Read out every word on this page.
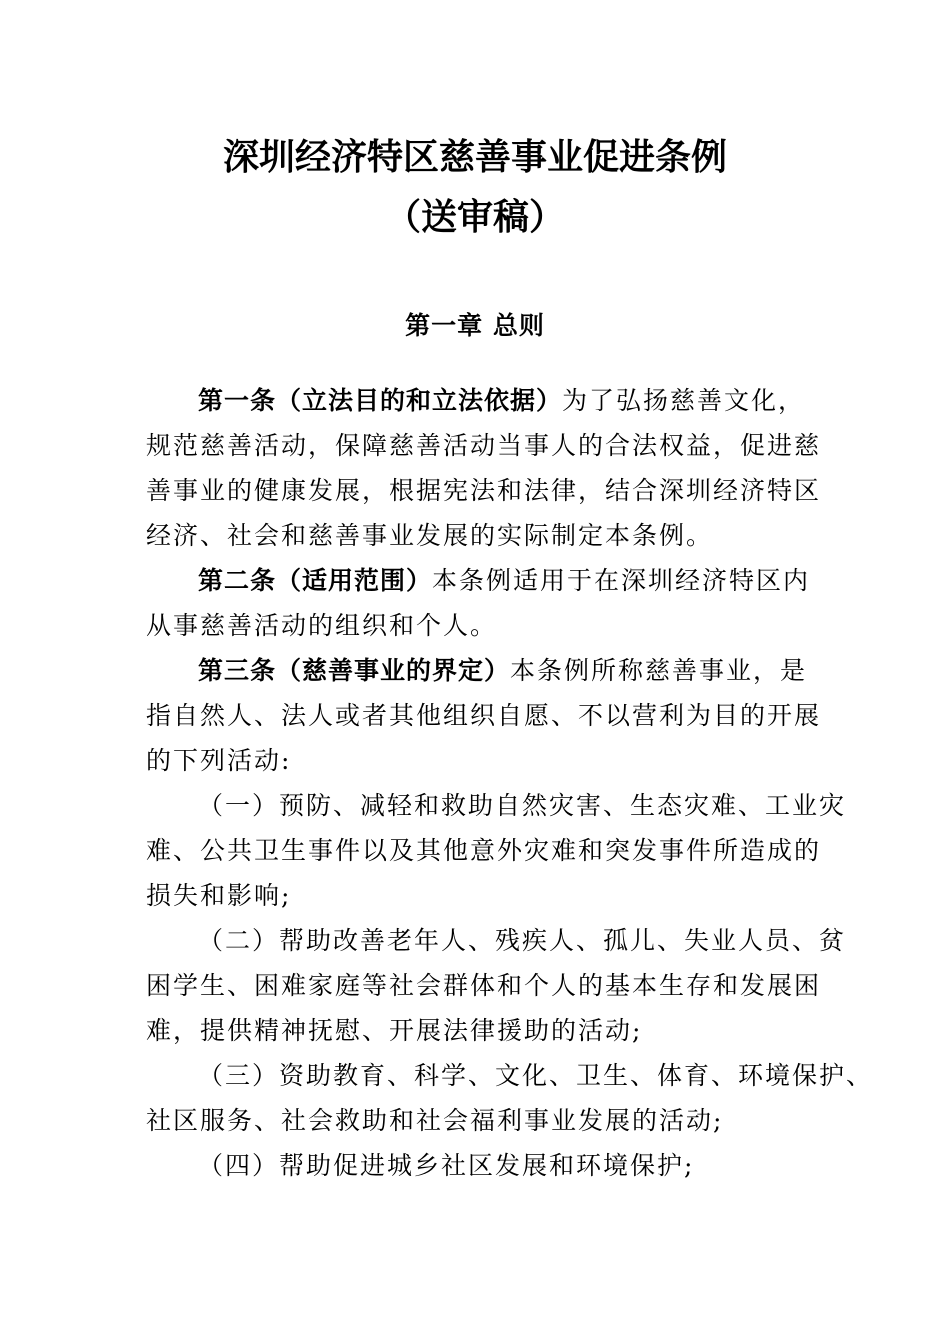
深圳经济特区慈善事业促进条例
（送审稿）
第一章 总则
第一条（立法目的和立法依据）为了弘扬慈善文化，
规范慈善活动，保障慈善活动当事人的合法权益，促进慈
善事业的健康发展，根据宪法和法律，结合深圳经济特区
经济、社会和慈善事业发展的实际制定本条例。
第二条（适用范围）本条例适用于在深圳经济特区内
从事慈善活动的组织和个人。
第三条（慈善事业的界定）本条例所称慈善事业，是
指自然人、法人或者其他组织自愿、不以营利为目的开展
的下列活动:
（一）预防、减轻和救助自然灾害、生态灾难、工业灾
难、公共卫生事件以及其他意外灾难和突发事件所造成的
损失和影响;
（二）帮助改善老年人、残疾人、孤儿、失业人员、贫
困学生、困难家庭等社会群体和个人的基本生存和发展困
难，提供精神抚慰、开展法律援助的活动;
（三）资助教育、科学、文化、卫生、体育、环境保护、
社区服务、社会救助和社会福利事业发展的活动;
（四）帮助促进城乡社区发展和环境保护;
